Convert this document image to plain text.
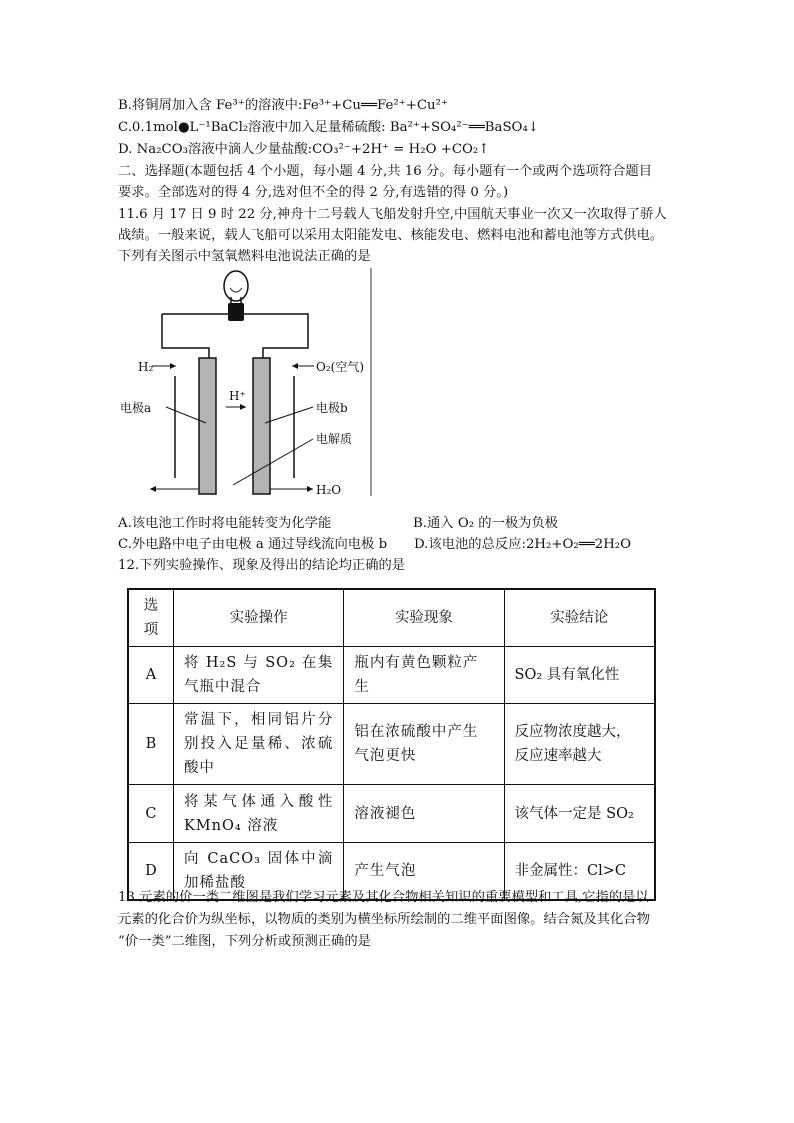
B.将铜屑加入含 Fe³⁺的溶液中:Fe³⁺+Cu══Fe²⁺+Cu²⁺
C.0.1mol●L⁻¹BaCl₂溶液中加入足量稀硫酸: Ba²⁺+SO₄²⁻══BaSO₄↓
D. Na₂CO₃溶液中滴人少量盐酸:CO₃²⁻+2H⁺ = H₂O +CO₂↑
二、选择题(本题包括 4 个小题，每小题 4 分,共 16 分。每小题有一个或两个选项符合题目
要求。全部选对的得 4 分,选对但不全的得 2 分,有选错的得 0 分。)
11.6 月 17 日 9 时 22 分,神舟十二号载人飞船发射升空,中国航天事业一次又一次取得了骄人
战绩。一般来说，载人飞船可以采用太阳能发电、核能发电、燃料电池和蓄电池等方式供电。
下列有关图示中氢氧燃料电池说法正确的是
H₂	O₂(空气)
H⁺
电极a	电极b
电解质
H₂O
A.该电池工作时将电能转变为化学能	B.通入 O₂ 的一极为负极
C.外电路中电子由电极 a 通过导线流向电极 b D.该电池的总反应:2H₂+O₂══2H₂O
12.下列实验操作、现象及得出的结论均正确的是
选项	实验操作	实验现象	实验结论
A	将 H₂S 与 SO₂ 在集气瓶中混合	瓶内有黄色颗粒产生	SO₂ 具有氧化性
B	常温下，相同铝片分别投入足量稀、浓硫酸中	铝在浓硫酸中产生气泡更快	反应物浓度越大，反应速率越大
C	将某气体通入酸性 KMnO₄ 溶液	溶液褪色	该气体一定是 SO₂
D	向 CaCO₃ 固体中滴加稀盐酸	产生气泡	非金属性：Cl>C
13.元素的价一类二维图是我们学习元素及其化合物相关知识的重要模型和工具,它指的是以
元素的化合价为纵坐标，以物质的类别为横坐标所绘制的二维平面图像。结合氮及其化合物
“价一类”二维图，下列分析或预测正确的是
